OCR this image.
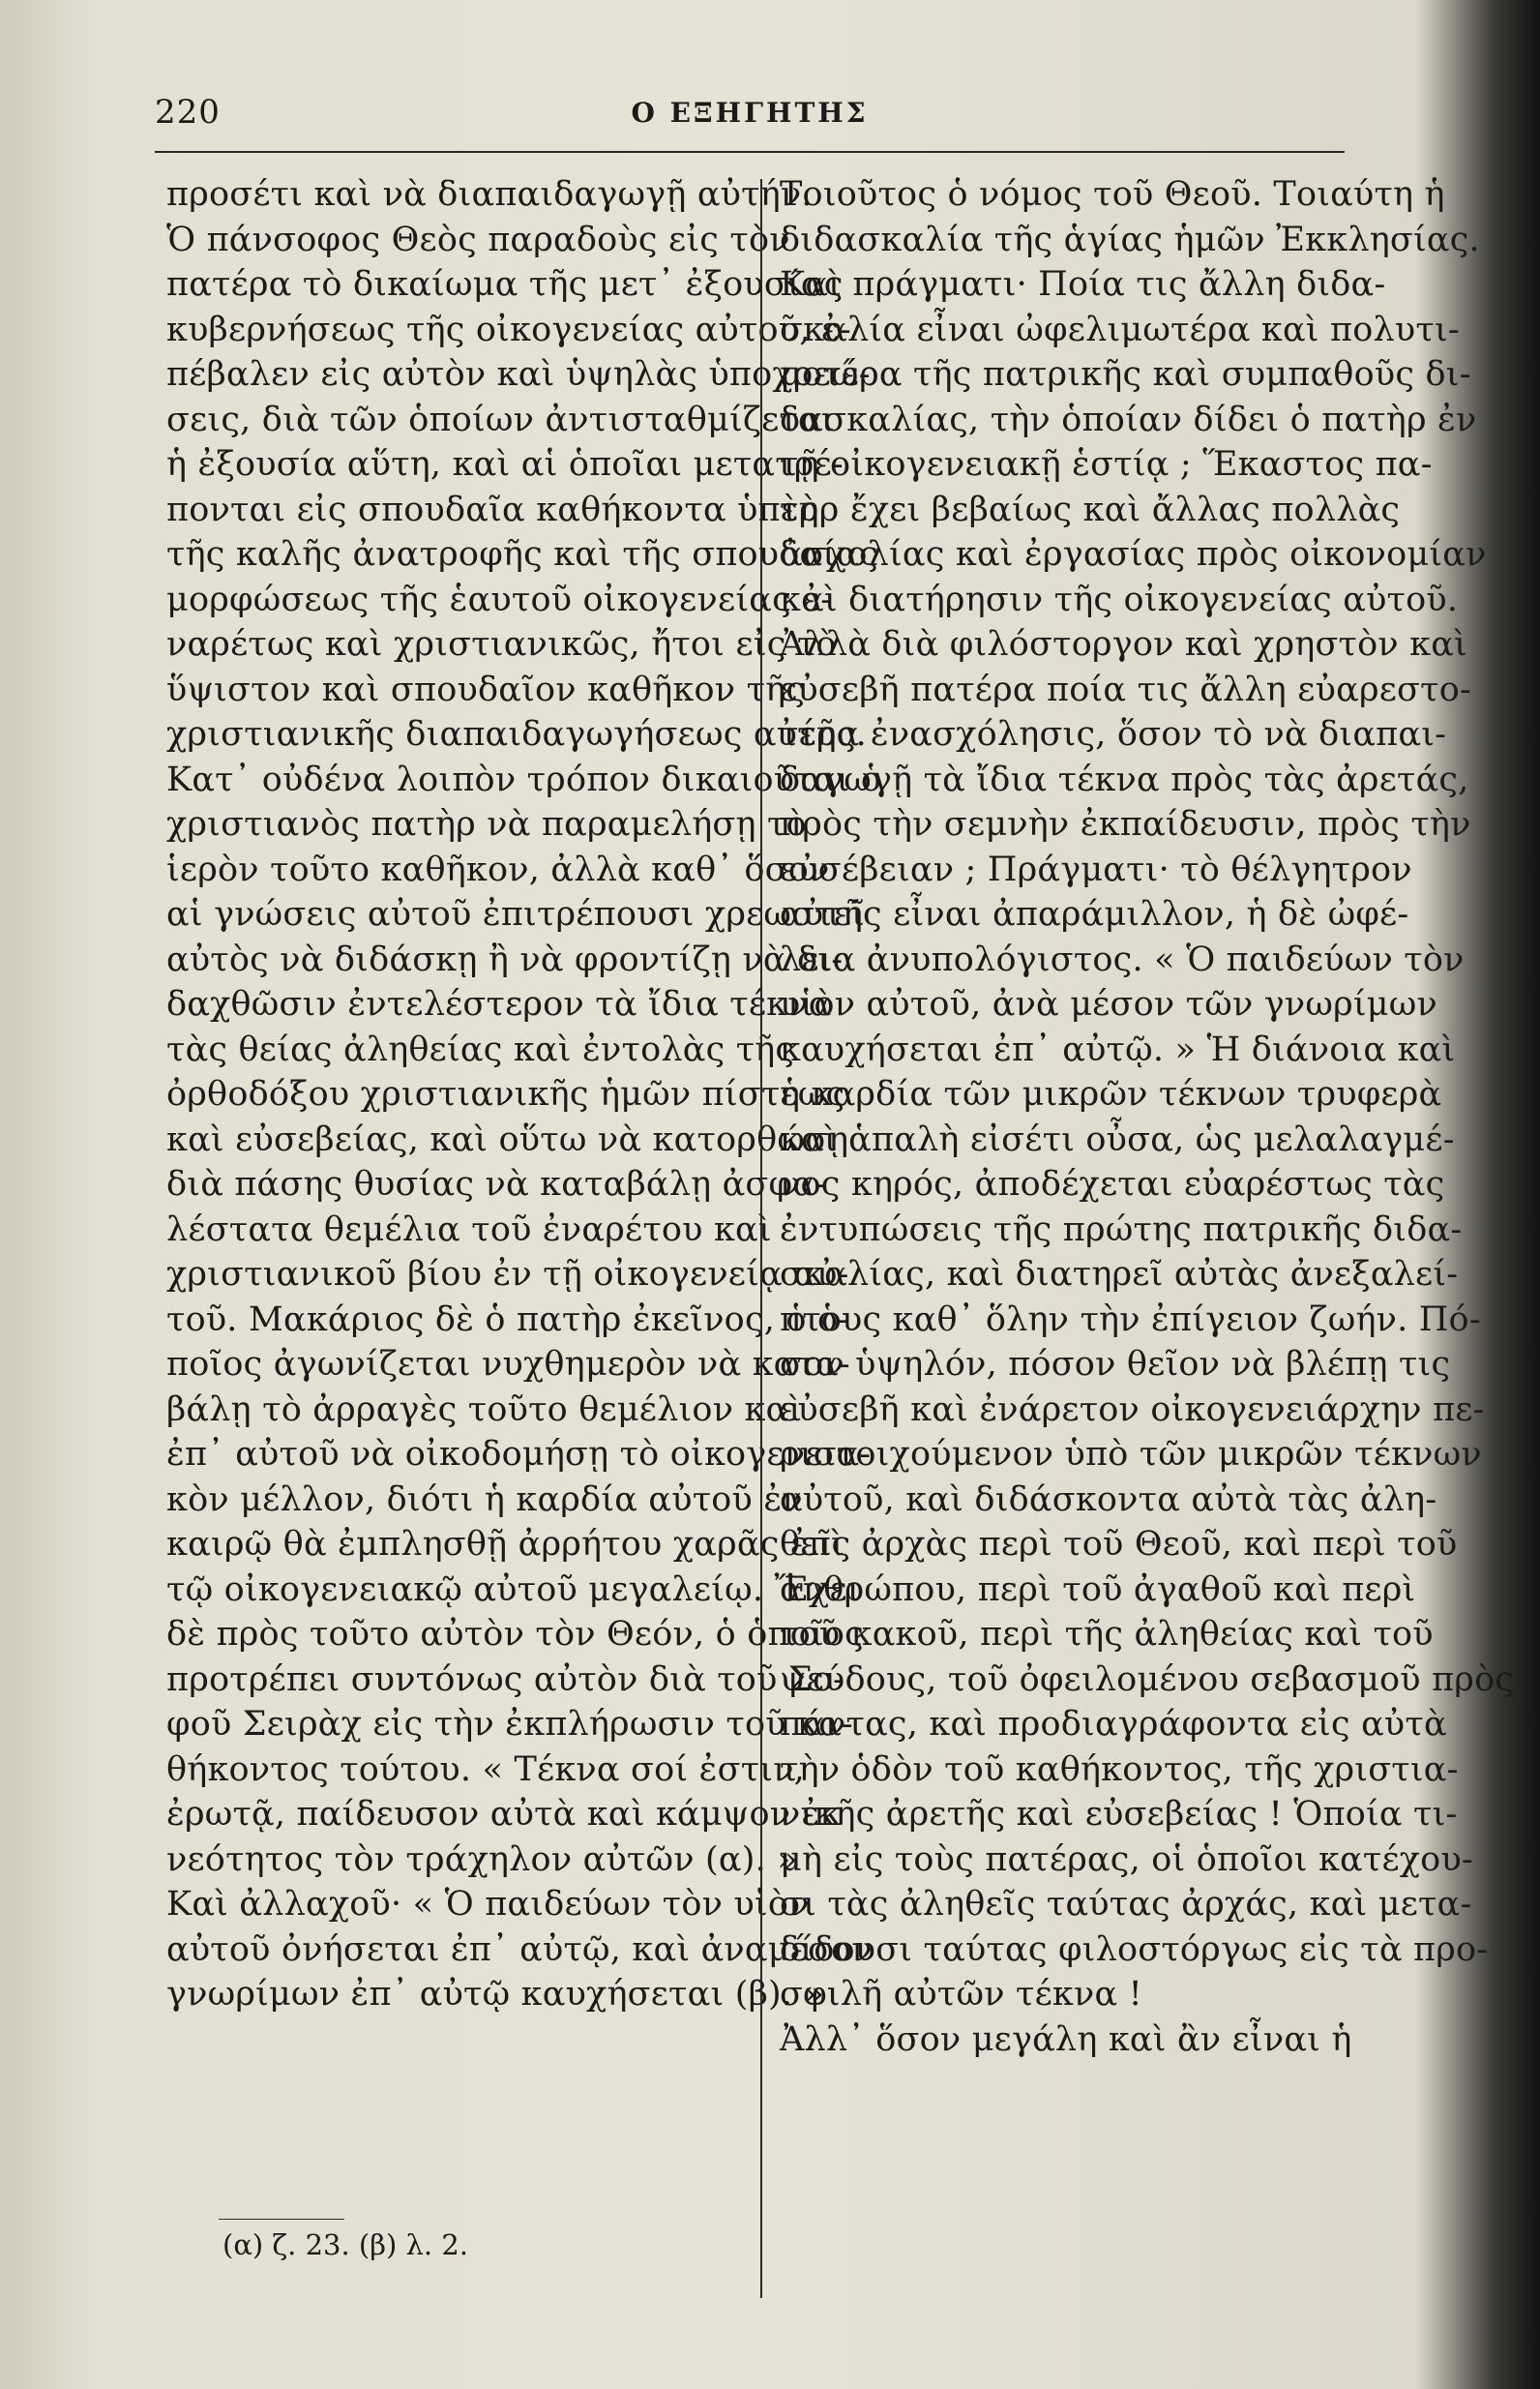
220	Ο ΕΞΗΓΗΤΗΣ
προσέτι καὶ νὰ διαπαιδαγωγῇ αὐτήν.
Ὁ πάνσοφος Θεὸς παραδοὺς εἰς τὸν
πατέρα τὸ δικαίωμα τῆς μετ᾽ ἐξουσίας
κυβερνήσεως τῆς οἰκογενείας αὐτοῦ, ἐ-
πέβαλεν εἰς αὐτὸν καὶ ὑψηλὰς ὑποχρεώ-
σεις, διὰ τῶν ὁποίων ἀντισταθμίζεται
ἡ ἐξουσία αὕτη, καὶ αἱ ὁποῖαι μετατρέ-
πονται εἰς σπουδαῖα καθήκοντα ὑπὲρ
τῆς καλῆς ἀνατροφῆς καὶ τῆς σπουδαίας
μορφώσεως τῆς ἑαυτοῦ οἰκογενείας ἐ-
ναρέτως καὶ χριστιανικῶς, ἤτοι εἰς τὸ
ὕψιστον καὶ σπουδαῖον καθῆκον τῆς
χριστιανικῆς διαπαιδαγωγήσεως αὐτῆς.
Κατ᾽ οὐδένα λοιπὸν τρόπον δικαιοῦται ὁ
χριστιανὸς πατὴρ νὰ παραμελήσῃ τὸ
ἱερὸν τοῦτο καθῆκον, ἀλλὰ καθ᾽ ὅσον
αἱ γνώσεις αὐτοῦ ἐπιτρέπουσι χρεωστεῖ
αὐτὸς νὰ διδάσκῃ ἢ νὰ φροντίζῃ νὰ δι-
δαχθῶσιν ἐντελέστερον τὰ ἴδια τέκνα
τὰς θείας ἀληθείας καὶ ἐντολὰς τῆς
ὀρθοδόξου χριστιανικῆς ἡμῶν πίστεως
καὶ εὐσεβείας, καὶ οὕτω νὰ κατορθώσῃ
διὰ πάσης θυσίας νὰ καταβάλῃ ἀσφα-
λέστατα θεμέλια τοῦ ἐναρέτου καὶ
χριστιανικοῦ βίου ἐν τῇ οἰκογενείᾳ αὐ-
τοῦ. Μακάριος δὲ ὁ πατὴρ ἐκεῖνος, ὁ ὁ-
ποῖος ἀγωνίζεται νυχθημερὸν νὰ κατα-
βάλῃ τὸ ἀρραγὲς τοῦτο θεμέλιον καὶ
ἐπ᾽ αὐτοῦ νὰ οἰκοδομήσῃ τὸ οἰκογενεια-
κὸν μέλλον, διότι ἡ καρδία αὐτοῦ ἐν
καιρῷ θὰ ἐμπλησθῇ ἀρρήτου χαρᾶς ἐπὶ
τῷ οἰκογενειακῷ αὐτοῦ μεγαλείῳ. Ἔχει
δὲ πρὸς τοῦτο αὐτὸν τὸν Θεόν, ὁ ὁποῖος
προτρέπει συντόνως αὐτὸν διὰ τοῦ Σο-
φοῦ Σειρὰχ εἰς τὴν ἐκπλήρωσιν τοῦ κα-
θήκοντος τούτου. « Τέκνα σοί ἐστιν,
ἐρωτᾷ, παίδευσον αὐτὰ καὶ κάμψον ἐκ
νεότητος τὸν τράχηλον αὐτῶν (α). »
Καὶ ἀλλαχοῦ· « Ὁ παιδεύων τὸν υἱὸν
αὐτοῦ ὀνήσεται ἐπ᾽ αὐτῷ, καὶ ἀναμέσον
γνωρίμων ἐπ᾽ αὐτῷ καυχήσεται (β). »
Τοιοῦτος ὁ νόμος τοῦ Θεοῦ. Τοιαύτη ἡ
διδασκαλία τῆς ἁγίας ἡμῶν Ἐκκλησίας.
Καὶ πράγματι· Ποία τις ἄλλη διδα-
σκαλία εἶναι ὠφελιμωτέρα καὶ πολυτι-
μοτέρα τῆς πατρικῆς καὶ συμπαθοῦς δι-
δασκαλίας, τὴν ὁποίαν δίδει ὁ πατὴρ ἐν
τῇ οἰκογενειακῇ ἑστίᾳ ; Ἕκαστος πα-
τὴρ ἔχει βεβαίως καὶ ἄλλας πολλὰς
ἀσχολίας καὶ ἐργασίας πρὸς οἰκονομίαν
καὶ διατήρησιν τῆς οἰκογενείας αὐτοῦ.
Ἀλλὰ διὰ φιλόστοργον καὶ χρηστὸν καὶ
εὐσεβῆ πατέρα ποία τις ἄλλη εὐαρεστο-
τέρα ἐνασχόλησις, ὅσον τὸ νὰ διαπαι-
δαγωγῇ τὰ ἴδια τέκνα πρὸς τὰς ἀρετάς,
πρὸς τὴν σεμνὴν ἐκπαίδευσιν, πρὸς τὴν
εὐσέβειαν ; Πράγματι· τὸ θέλγητρον
αὐτῆς εἶναι ἀπαράμιλλον, ἡ δὲ ὠφέ-
λεια ἀνυπολόγιστος. « Ὁ παιδεύων τὸν
υἱὸν αὐτοῦ, ἀνὰ μέσον τῶν γνωρίμων
καυχήσεται ἐπ᾽ αὐτῷ. » Ἡ διάνοια καὶ
ἡ καρδία τῶν μικρῶν τέκνων τρυφερὰ
καὶ ἁπαλὴ εἰσέτι οὖσα, ὡς μελαλαγμέ-
νος κηρός, ἀποδέχεται εὐαρέστως τὰς
ἐντυπώσεις τῆς πρώτης πατρικῆς διδα-
σκαλίας, καὶ διατηρεῖ αὐτὰς ἀνεξαλεί-
πτους καθ᾽ ὅλην τὴν ἐπίγειον ζωήν. Πό-
σον ὑψηλόν, πόσον θεῖον νὰ βλέπῃ τις
εὐσεβῆ καὶ ἐνάρετον οἰκογενειάρχην πε-
ριστοιχούμενον ὑπὸ τῶν μικρῶν τέκνων
αὐτοῦ, καὶ διδάσκοντα αὐτὰ τὰς ἀλη-
θεῖς ἀρχὰς περὶ τοῦ Θεοῦ, καὶ περὶ τοῦ
ἀνθρώπου, περὶ τοῦ ἀγαθοῦ καὶ περὶ
τοῦ κακοῦ, περὶ τῆς ἀληθείας καὶ τοῦ
ψεύδους, τοῦ ὀφειλομένου σεβασμοῦ πρὸς
πάντας, καὶ προδιαγράφοντα εἰς αὐτὰ
τὴν ὁδὸν τοῦ καθήκοντος, τῆς χριστια-
νικῆς ἀρετῆς καὶ εὐσεβείας ! Ὁποία τι-
μὴ εἰς τοὺς πατέρας, οἱ ὁποῖοι κατέχου-
σι τὰς ἀληθεῖς ταύτας ἀρχάς, καὶ μετα-
δίδουσι ταύτας φιλοστόργως εἰς τὰ προ-
σφιλῆ αὐτῶν τέκνα !
Ἀλλ᾽ ὅσον μεγάλη καὶ ἂν εἶναι ἡ
(α) ζ. 23. (β) λ. 2.
